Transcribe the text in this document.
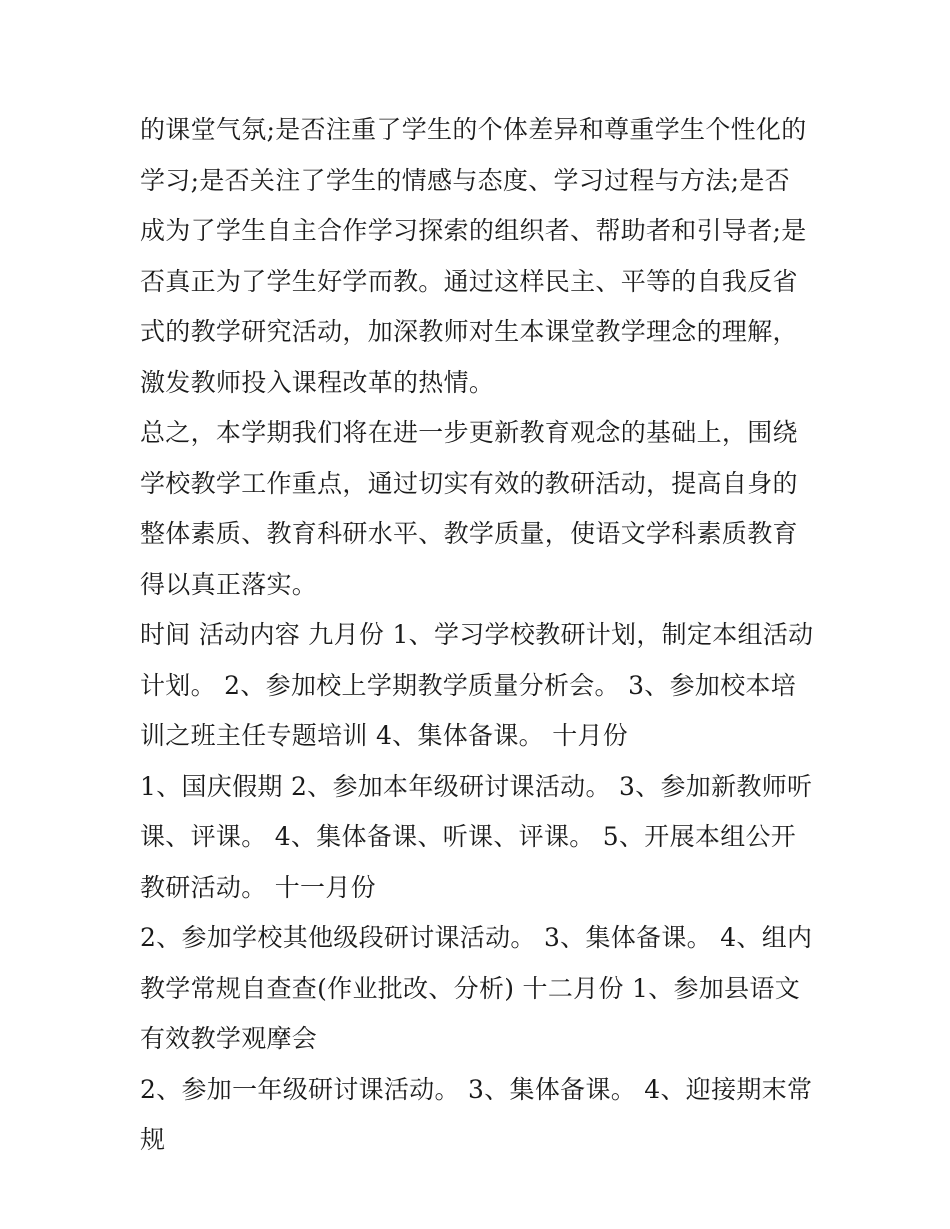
的课堂气氛;是否注重了学生的个体差异和尊重学生个性化的学习;是否关注了学生的情感与态度、学习过程与方法;是否成为了学生自主合作学习探索的组织者、帮助者和引导者;是否真正为了学生好学而教。通过这样民主、平等的自我反省式的教学研究活动，加深教师对生本课堂教学理念的理解，激发教师投入课程改革的热情。

总之，本学期我们将在进一步更新教育观念的基础上，围绕学校教学工作重点，通过切实有效的教研活动，提高自身的整体素质、教育科研水平、教学质量，使语文学科素质教育得以真正落实。

时间 活动内容 九月份 1、学习学校教研计划，制定本组活动计划。 2、参加校上学期教学质量分析会。 3、参加校本培训之班主任专题培训 4、集体备课。 十月份

1、国庆假期 2、参加本年级研讨课活动。 3、参加新教师听课、评课。 4、集体备课、听课、评课。 5、开展本组公开教研活动。 十一月份

2、参加学校其他级段研讨课活动。 3、集体备课。 4、组内教学常规自查查(作业批改、分析) 十二月份 1、参加县语文有效教学观摩会

2、参加一年级研讨课活动。 3、集体备课。 4、迎接期末常规
